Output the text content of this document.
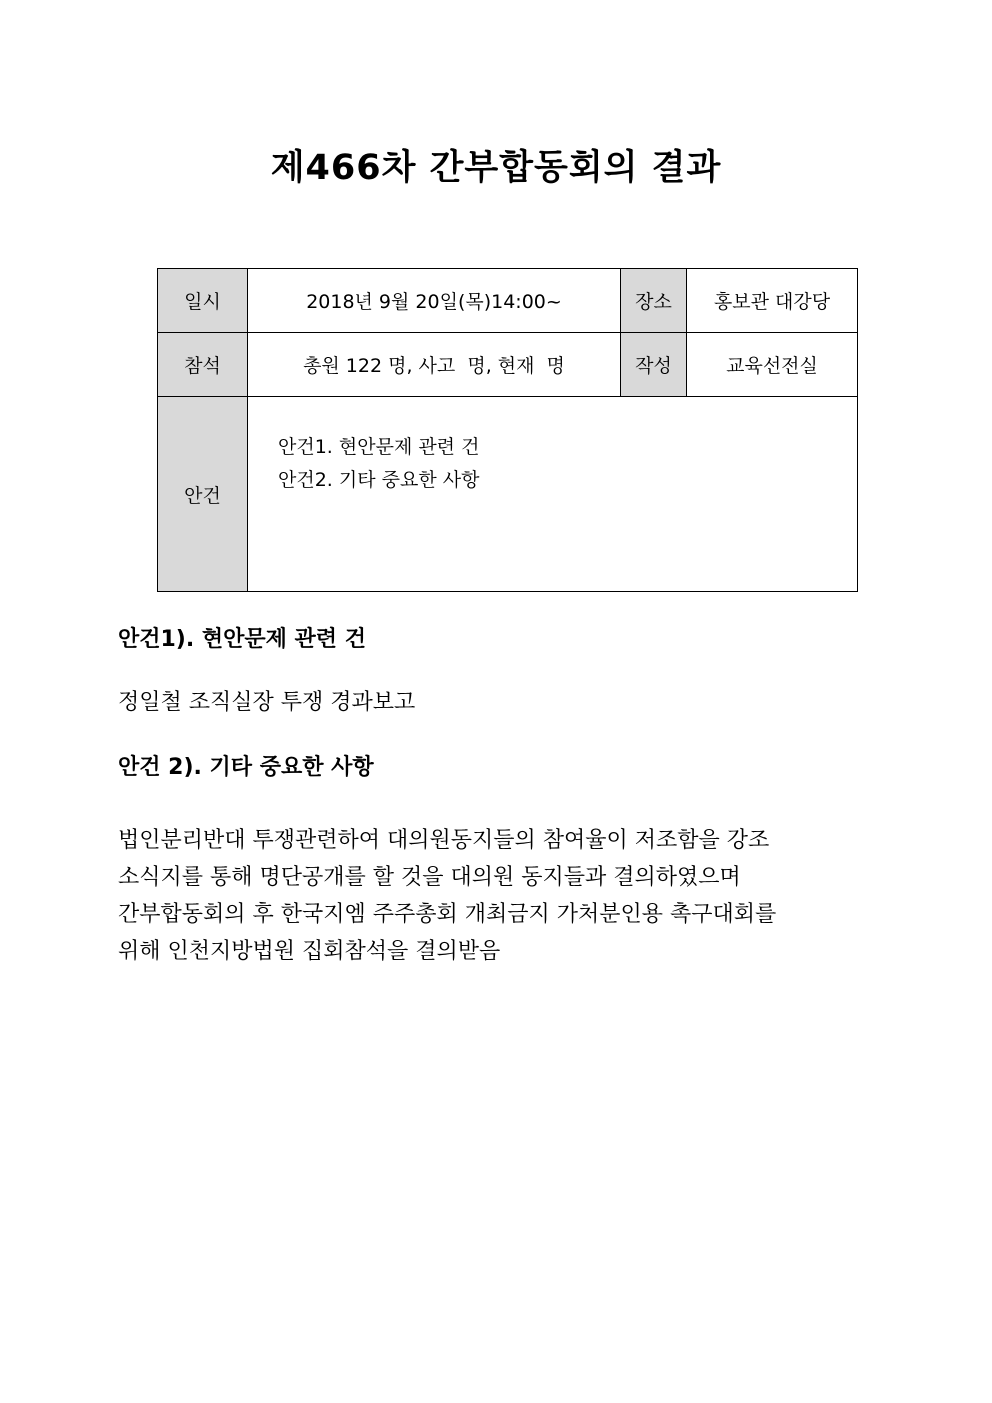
제466차 간부합동회의 결과
일시	2018년 9월 20일(목)14:00~	장소	홍보관 대강당
참석	총원 122 명, 사고  명, 현재  명	작성	교육선전실
안건	안건1. 현안문제 관련 건
안건2. 기타 중요한 사항		
안건1). 현안문제 관련 건

정일철 조직실장 투쟁 경과보고

안건 2). 기타 중요한 사항
법인분리반대 투쟁관련하여 대의원동지들의 참여율이 저조함을 강조
소식지를 통해 명단공개를 할 것을 대의원 동지들과 결의하였으며
간부합동회의 후 한국지엠 주주총회 개최금지 가처분인용 촉구대회를
위해 인천지방법원 집회참석을 결의받음
